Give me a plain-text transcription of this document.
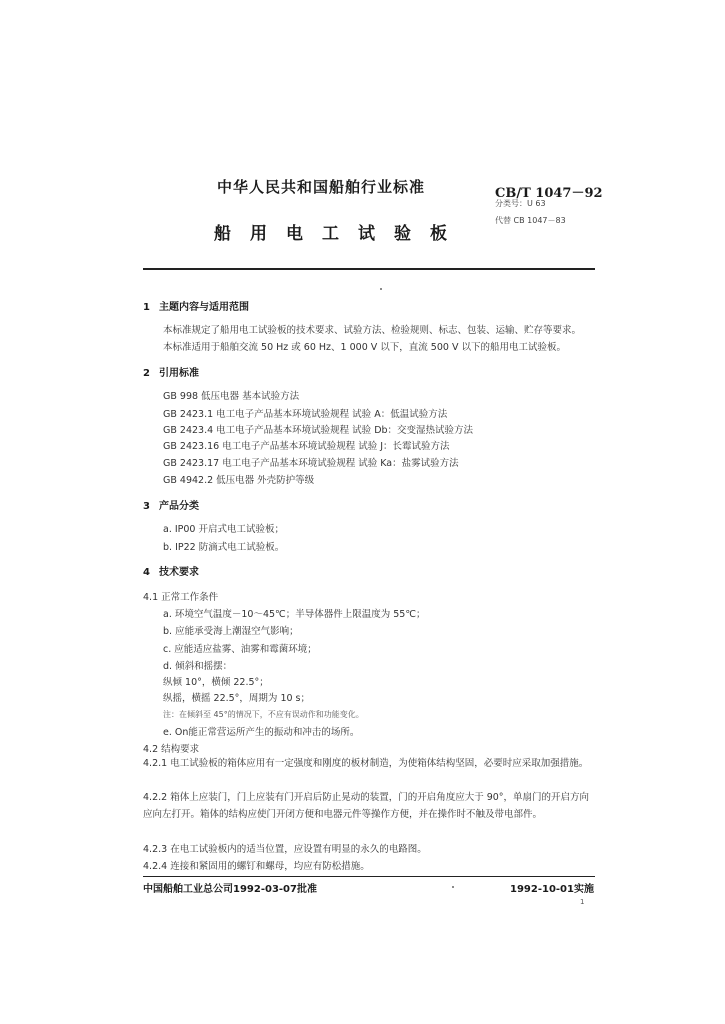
中华人民共和国船舶行业标准
船用电工试验板
CB/T 1047－92
分类号：U 63
代替 CB 1047－83
1 主题内容与适用范围
本标准规定了船用电工试验板的技术要求、试验方法、检验规则、标志、包装、运输、贮存等要求。
本标准适用于船舶交流 50 Hz 或 60 Hz、1 000 V 以下，直流 500 V 以下的船用电工试验板。
2 引用标准
GB 998 低压电器 基本试验方法
GB 2423.1 电工电子产品基本环境试验规程 试验 A：低温试验方法
GB 2423.4 电工电子产品基本环境试验规程 试验 Db：交变湿热试验方法
GB 2423.16 电工电子产品基本环境试验规程 试验 J：长霉试验方法
GB 2423.17 电工电子产品基本环境试验规程 试验 Ka：盐雾试验方法
GB 4942.2 低压电器 外壳防护等级
3 产品分类
a. IP00 开启式电工试验板；
b. IP22 防滴式电工试验板。
4 技术要求
4.1 正常工作条件
a. 环境空气温度－10～45℃；半导体器件上限温度为 55℃；
b. 应能承受海上潮湿空气影响；
c. 应能适应盐雾、油雾和霉菌环境；
d. 倾斜和摇摆：
纵倾 10°，横倾 22.5°；
纵摇，横摇 22.5°，周期为 10 s；
注：在倾斜至 45°的情况下，不应有误动作和功能变化。
e. On能正常营运所产生的振动和冲击的场所。
4.2 结构要求
4.2.1 电工试验板的箱体应用有一定强度和刚度的板材制造，为使箱体结构坚固，必要时应采取加强措施。
4.2.2 箱体上应装门，门上应装有门开启后防止晃动的装置，门的开启角度应大于 90°，单扇门的开启方向应向左打开。箱体的结构应使门开闭方便和电器元件等操作方便，并在操作时不触及带电部件。
4.2.3 在电工试验板内的适当位置，应设置有明显的永久的电路图。
4.2.4 连接和紧固用的螺钉和螺母，均应有防松措施。
中国船舶工业总公司1992-03-07批准	1992-10-01实施
1
